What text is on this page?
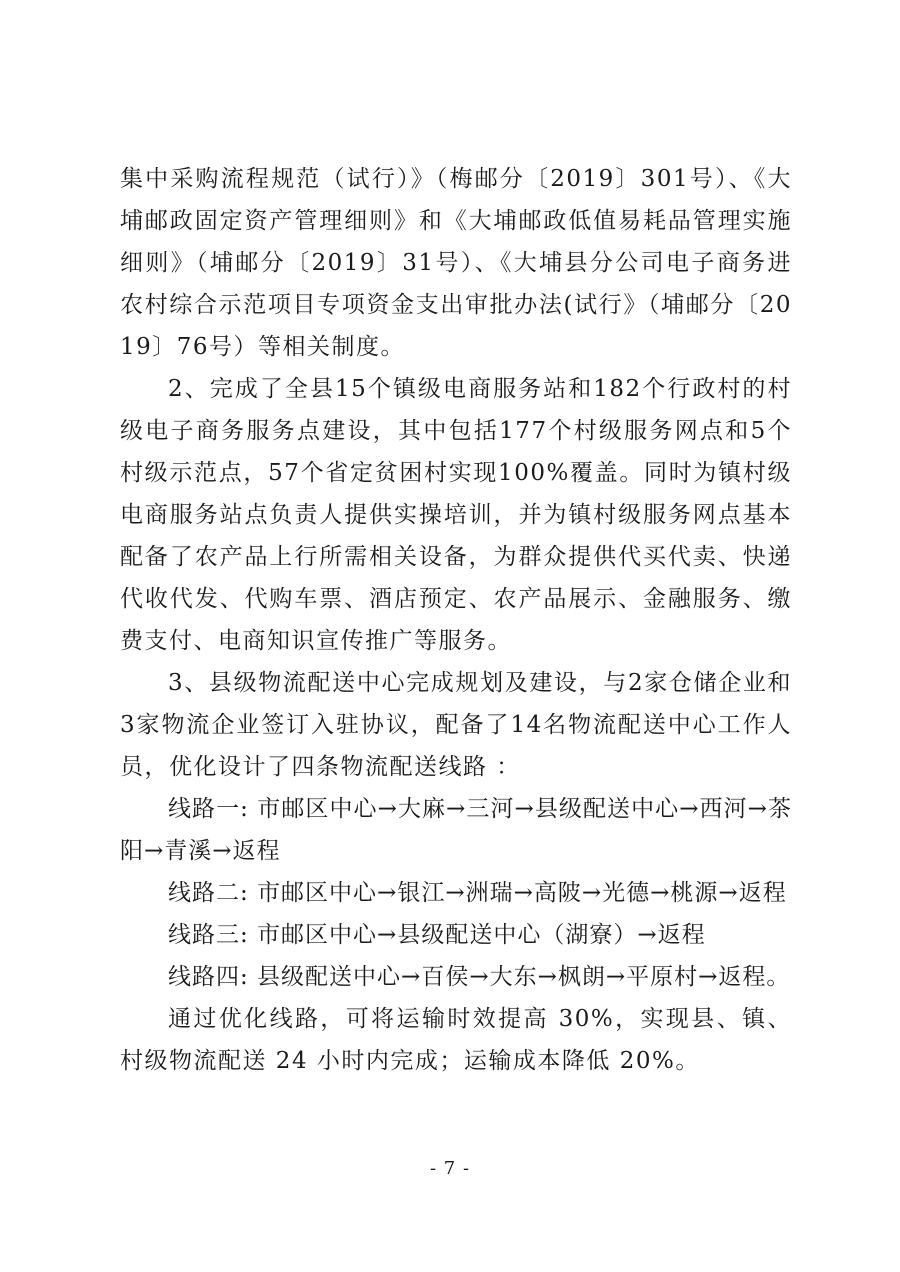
集中采购流程规范（试行）》（梅邮分〔2019〕301号）、《大埔邮政固定资产管理细则》和《大埔邮政低值易耗品管理实施细则》（埔邮分〔2019〕31号）、《大埔县分公司电子商务进农村综合示范项目专项资金支出审批办法(试行》（埔邮分〔2019〕76号）等相关制度。

2、完成了全县15个镇级电商服务站和182个行政村的村级电子商务服务点建设，其中包括177个村级服务网点和5个村级示范点，57个省定贫困村实现100%覆盖。同时为镇村级电商服务站点负责人提供实操培训，并为镇村级服务网点基本配备了农产品上行所需相关设备，为群众提供代买代卖、快递代收代发、代购车票、酒店预定、农产品展示、金融服务、缴费支付、电商知识宣传推广等服务。

3、县级物流配送中心完成规划及建设，与2家仓储企业和3家物流企业签订入驻协议，配备了14名物流配送中心工作人员，优化设计了四条物流配送线路 ：

线路一: 市邮区中心→大麻→三河→县级配送中心→西河→茶阳→青溪→返程

线路二: 市邮区中心→银江→洲瑞→高陂→光德→桃源→返程

线路三: 市邮区中心→县级配送中心（湖寮）→返程

线路四: 县级配送中心→百侯→大东→枫朗→平原村→返程。

通过优化线路，可将运输时效提高 30%，实现县、镇、村级物流配送 24 小时内完成；运输成本降低 20%。

- 7 -
